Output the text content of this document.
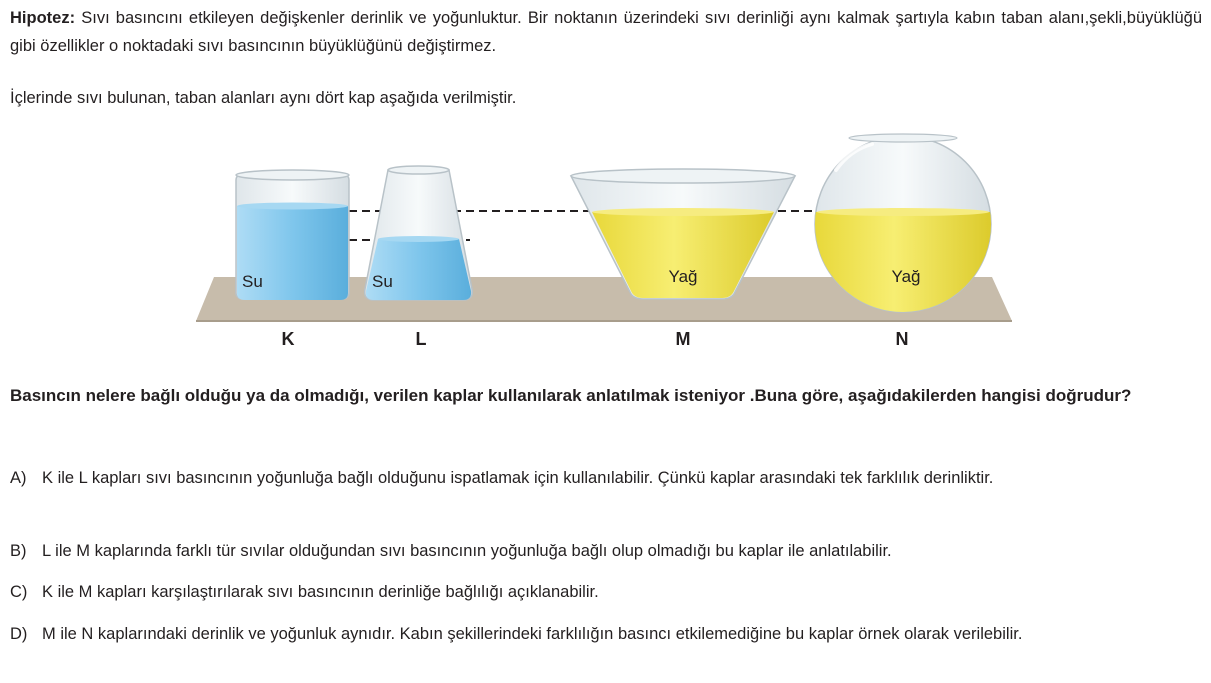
Hipotez: Sıvı basıncını etkileyen değişkenler derinlik ve yoğunluktur. Bir noktanın üzerindeki sıvı derinliği aynı kalmak şartıyla kabın taban alanı,şekli,büyüklüğü gibi özellikler o noktadaki sıvı basıncının büyüklüğünü değiştirmez.

İçlerinde sıvı bulunan, taban alanları aynı dört kap aşağıda verilmiştir.

Su	Su	Yağ	Yağ
K	L	M	N

Basıncın nelere bağlı olduğu ya da olmadığı, verilen kaplar kullanılarak anlatılmak isteniyor .Buna göre, aşağıdakilerden hangisi doğrudur?

A) K ile L kapları sıvı basıncının yoğunluğa bağlı olduğunu ispatlamak için kullanılabilir. Çünkü kaplar arasındaki tek farklılık derinliktir.
B) L ile M kaplarında farklı tür sıvılar olduğundan sıvı basıncının yoğunluğa bağlı olup olmadığı bu kaplar ile anlatılabilir.
C) K ile M kapları karşılaştırılarak sıvı basıncının derinliğe bağlılığı açıklanabilir.
D) M ile N kaplarındaki derinlik ve yoğunluk aynıdır. Kabın şekillerindeki farklılığın basıncı etkilemediğine bu kaplar örnek olarak verilebilir.
